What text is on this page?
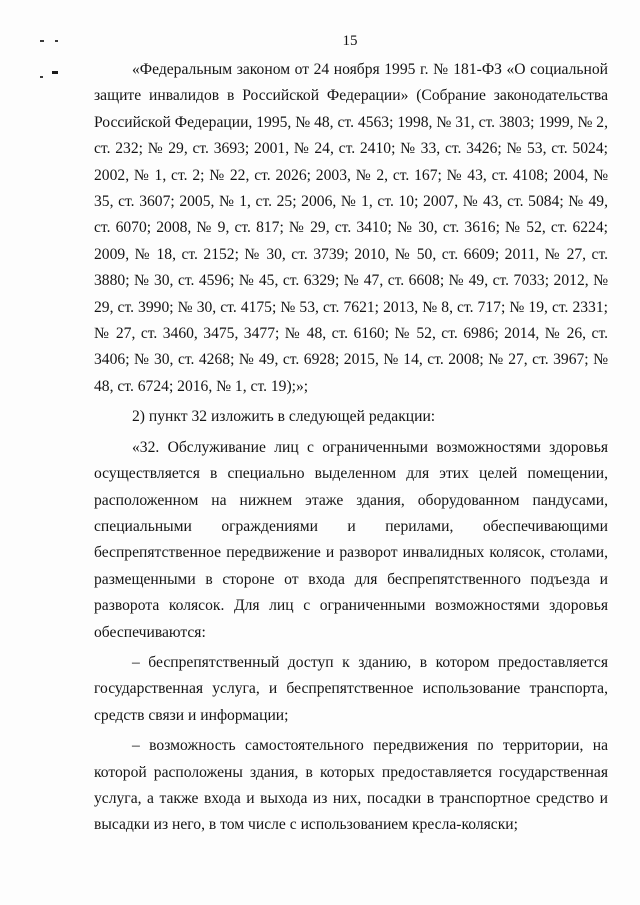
15

«Федеральным законом от 24 ноября 1995 г. № 181-ФЗ «О социальной защите инвалидов в Российской Федерации» (Собрание законодательства Российской Федерации, 1995, № 48, ст. 4563; 1998, № 31, ст. 3803; 1999, № 2, ст. 232; № 29, ст. 3693; 2001, № 24, ст. 2410; № 33, ст. 3426; № 53, ст. 5024; 2002, № 1, ст. 2; № 22, ст. 2026; 2003, № 2, ст. 167; № 43, ст. 4108; 2004, № 35, ст. 3607; 2005, № 1, ст. 25; 2006, № 1, ст. 10; 2007, № 43, ст. 5084; № 49, ст. 6070; 2008, № 9, ст. 817; № 29, ст. 3410; № 30, ст. 3616; № 52, ст. 6224; 2009, № 18, ст. 2152; № 30, ст. 3739; 2010, № 50, ст. 6609; 2011, № 27, ст. 3880; № 30, ст. 4596; № 45, ст. 6329; № 47, ст. 6608; № 49, ст. 7033; 2012, № 29, ст. 3990; № 30, ст. 4175; № 53, ст. 7621; 2013, № 8, ст. 717; № 19, ст. 2331; № 27, ст. 3460, 3475, 3477; № 48, ст. 6160; № 52, ст. 6986; 2014, № 26, ст. 3406; № 30, ст. 4268; № 49, ст. 6928; 2015, № 14, ст. 2008; № 27, ст. 3967; № 48, ст. 6724; 2016, № 1, ст. 19);»;

2) пункт 32 изложить в следующей редакции:

«32. Обслуживание лиц с ограниченными возможностями здоровья осуществляется в специально выделенном для этих целей помещении, расположенном на нижнем этаже здания, оборудованном пандусами, специальными ограждениями и перилами, обеспечивающими беспрепятственное передвижение и разворот инвалидных колясок, столами, размещенными в стороне от входа для беспрепятственного подъезда и разворота колясок. Для лиц с ограниченными возможностями здоровья обеспечиваются:

– беспрепятственный доступ к зданию, в котором предоставляется государственная услуга, и беспрепятственное использование транспорта, средств связи и информации;

– возможность самостоятельного передвижения по территории, на которой расположены здания, в которых предоставляется государственная услуга, а также входа и выхода из них, посадки в транспортное средство и высадки из него, в том числе с использованием кресла-коляски;
